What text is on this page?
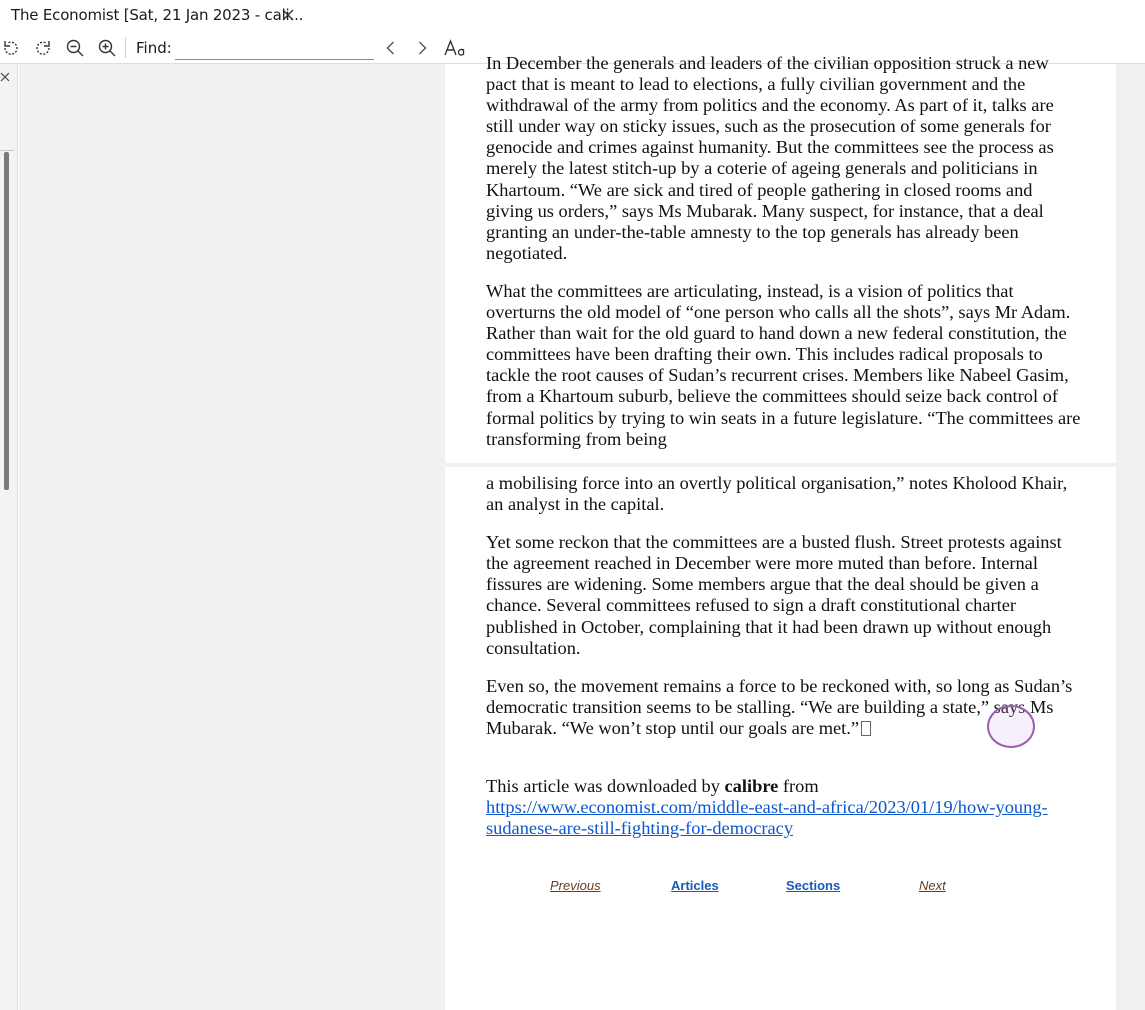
The Economist [Sat, 21 Jan 2023 - cali...
Find:

In December the generals and leaders of the civilian opposition struck a new pact that is meant to lead to elections, a fully civilian government and the withdrawal of the army from politics and the economy. As part of it, talks are still under way on sticky issues, such as the prosecution of some generals for genocide and crimes against humanity. But the committees see the process as merely the latest stitch-up by a coterie of ageing generals and politicians in Khartoum. “We are sick and tired of people gathering in closed rooms and giving us orders,” says Ms Mubarak. Many suspect, for instance, that a deal granting an under-the-table amnesty to the top generals has already been negotiated.

What the committees are articulating, instead, is a vision of politics that overturns the old model of “one person who calls all the shots”, says Mr Adam. Rather than wait for the old guard to hand down a new federal constitution, the committees have been drafting their own. This includes radical proposals to tackle the root causes of Sudan’s recurrent crises. Members like Nabeel Gasim, from a Khartoum suburb, believe the committees should seize back control of formal politics by trying to win seats in a future legislature. “The committees are transforming from being

a mobilising force into an overtly political organisation,” notes Kholood Khair, an analyst in the capital.

Yet some reckon that the committees are a busted flush. Street protests against the agreement reached in December were more muted than before. Internal fissures are widening. Some members argue that the deal should be given a chance. Several committees refused to sign a draft constitutional charter published in October, complaining that it had been drawn up without enough consultation.

Even so, the movement remains a force to be reckoned with, so long as Sudan’s democratic transition seems to be stalling. “We are building a state,” says Ms Mubarak. “We won’t stop until our goals are met.”

This article was downloaded by calibre from https://www.economist.com/middle-east-and-africa/2023/01/19/how-young-sudanese-are-still-fighting-for-democracy
Previous	Articles	Sections	Next
